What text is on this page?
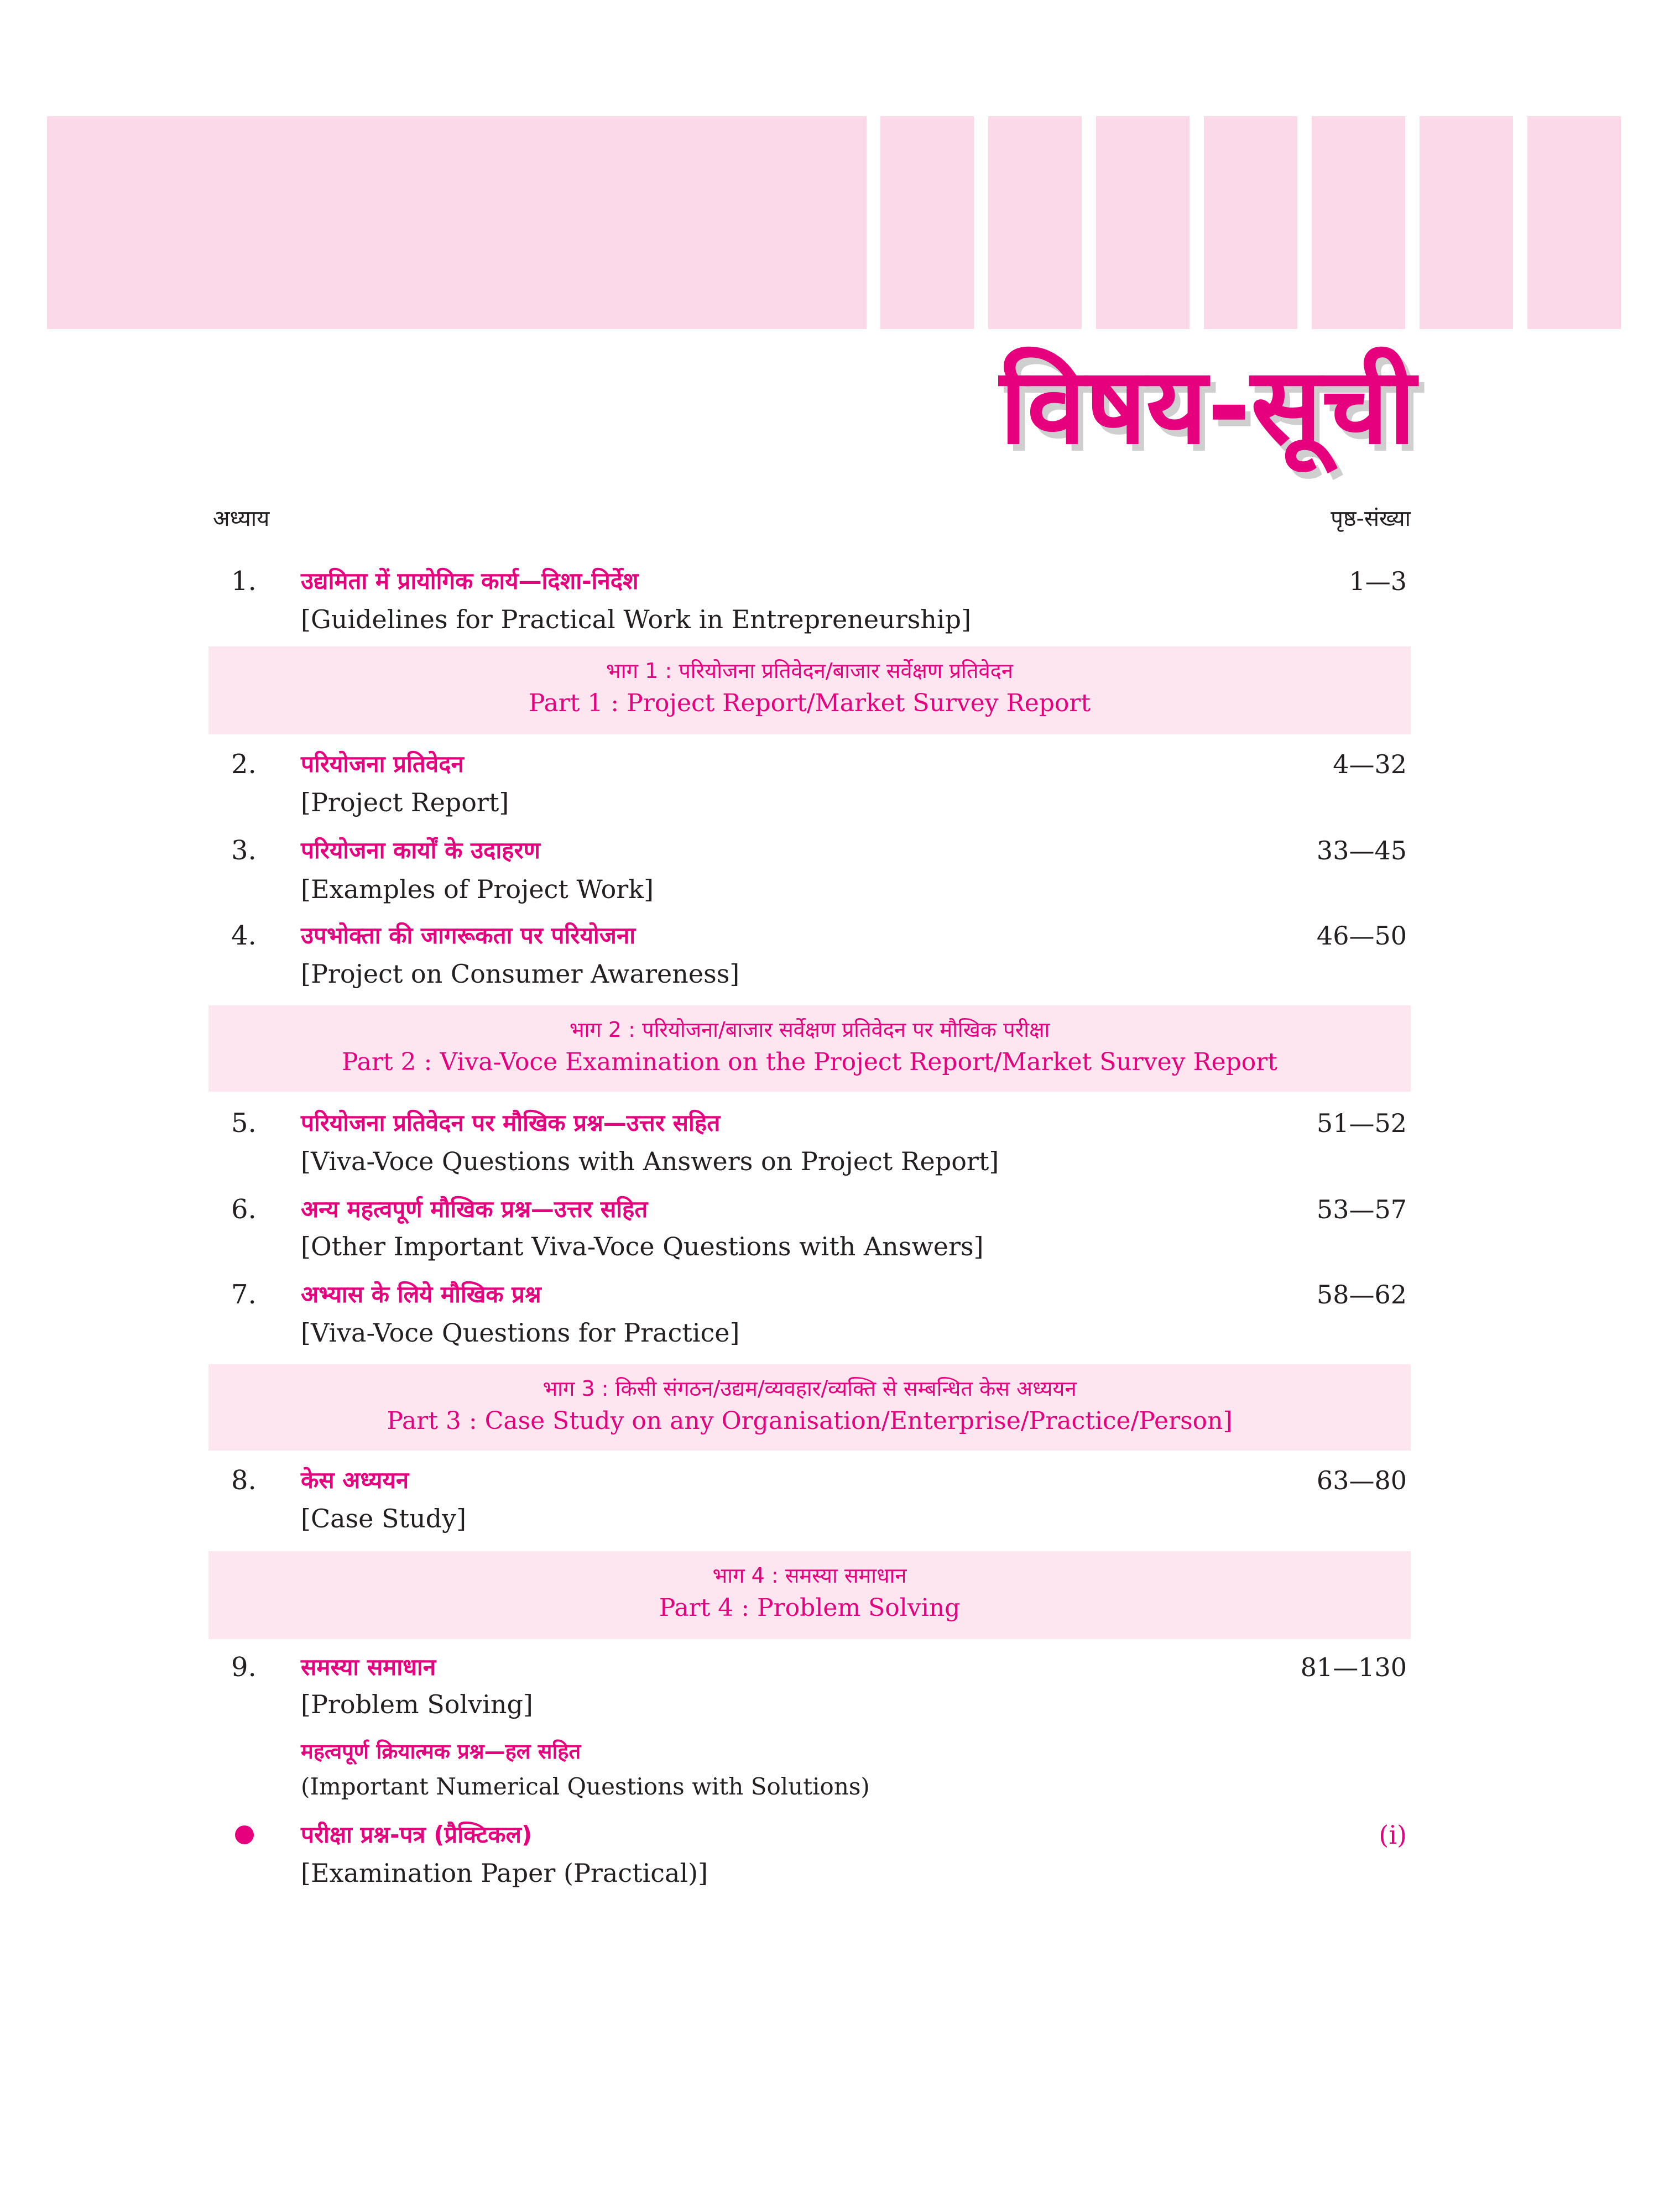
विषय-सूची
अध्याय	पृष्ठ-संख्या
1. उद्यमिता में प्रायोगिक कार्य—दिशा-निर्देश
[Guidelines for Practical Work in Entrepreneurship]
1—3
भाग 1 : परियोजना प्रतिवेदन/बाजार सर्वेक्षण प्रतिवेदन
Part 1 : Project Report/Market Survey Report
2. परियोजना प्रतिवेदन
[Project Report]
4—32
3. परियोजना कार्यों के उदाहरण
[Examples of Project Work]
33—45
4. उपभोक्ता की जागरूकता पर परियोजना
[Project on Consumer Awareness]
46—50
भाग 2 : परियोजना/बाजार सर्वेक्षण प्रतिवेदन पर मौखिक परीक्षा
Part 2 : Viva-Voce Examination on the Project Report/Market Survey Report
5. परियोजना प्रतिवेदन पर मौखिक प्रश्न—उत्तर सहित
[Viva-Voce Questions with Answers on Project Report]
51—52
6. अन्य महत्वपूर्ण मौखिक प्रश्न—उत्तर सहित
[Other Important Viva-Voce Questions with Answers]
53—57
7. अभ्यास के लिये मौखिक प्रश्न
[Viva-Voce Questions for Practice]
58—62
भाग 3 : किसी संगठन/उद्यम/व्यवहार/व्यक्ति से सम्बन्धित केस अध्ययन
Part 3 : Case Study on any Organisation/Enterprise/Practice/Person]
8. केस अध्ययन
[Case Study]
63—80
भाग 4 : समस्या समाधान
Part 4 : Problem Solving
9. समस्या समाधान
[Problem Solving]
81—130
महत्वपूर्ण क्रियात्मक प्रश्न—हल सहित
(Important Numerical Questions with Solutions)
परीक्षा प्रश्न-पत्र (प्रैक्टिकल)
[Examination Paper (Practical)]
(i)
